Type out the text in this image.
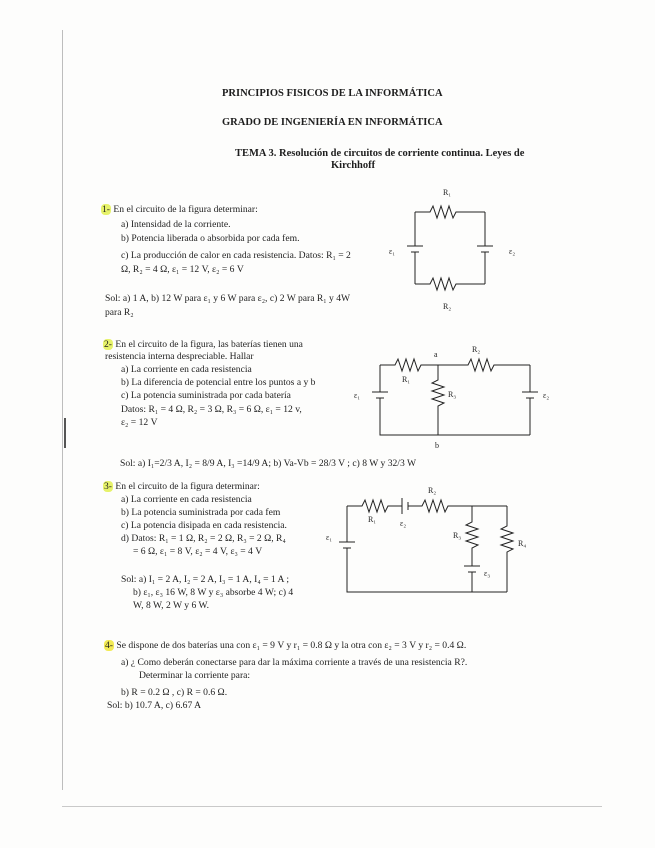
PRINCIPIOS FISICOS DE LA INFORMÁTICA
GRADO DE INGENIERÍA EN INFORMÁTICA
TEMA 3. Resolución de circuitos de corriente continua. Leyes de
Kirchhoff
1- En el circuito de la figura determinar:
a) Intensidad de la corriente.
b) Potencia liberada o absorbida por cada fem.
c) La producción de calor en cada resistencia. Datos: R₁ = 2
Ω, R₂ = 4 Ω, ε₁ = 12 V, ε₂ = 6 V
Sol: a) 1 A, b) 12 W para ε₁ y 6 W para ε₂, c) 2 W para R₁ y 4W
para R₂
R₁
R₂
ε₁	ε₂
2- En el circuito de la figura, las baterías tienen una
resistencia interna despreciable. Hallar
a) La corriente en cada resistencia
b) La diferencia de potencial entre los puntos a y b
c) La potencia suministrada por cada batería
Datos: R₁ = 4 Ω, R₂ = 3 Ω, R₃ = 6 Ω, ε₁ = 12 v,
ε₂ = 12 V
Sol: a) I₁=2/3 A, I₂ = 8/9 A, I₃ =14/9 A; b) Va-Vb = 28/3 V ; c) 8 W y 32/3 W
a
b
R₁
R₂
R₃
ε₁	ε₂
3- En el circuito de la figura determinar:
a) La corriente en cada resistencia
b) La potencia suministrada por cada fem
c) La potencia disipada en cada resistencia.
d) Datos: R₁ = 1 Ω, R₂ = 2 Ω, R₃ = 2 Ω, R₄
= 6 Ω, ε₁ = 8 V, ε₂ = 4 V, ε₃ = 4 V
Sol: a) I₁ = 2 A, I₂ = 2 A, I₃ = 1 A, I₄ = 1 A ;
b) ε₁, ε₃ 16 W, 8 W y ε₃ absorbe 4 W; c) 4
W, 8 W, 2 W y 6 W.
R₁
R₂
R₃
R₄
ε₁
ε₂
ε₃
4- Se dispone de dos baterías una con ε₁ = 9 V y r₁ = 0.8 Ω y la otra con ε₂ = 3 V y r₂ = 0.4 Ω.
a) ¿ Como deberán conectarse para dar la máxima corriente a través de una resistencia R?.
Determinar la corriente para:
b) R = 0.2 Ω , c) R = 0.6 Ω.
Sol: b) 10.7 A, c) 6.67 A
